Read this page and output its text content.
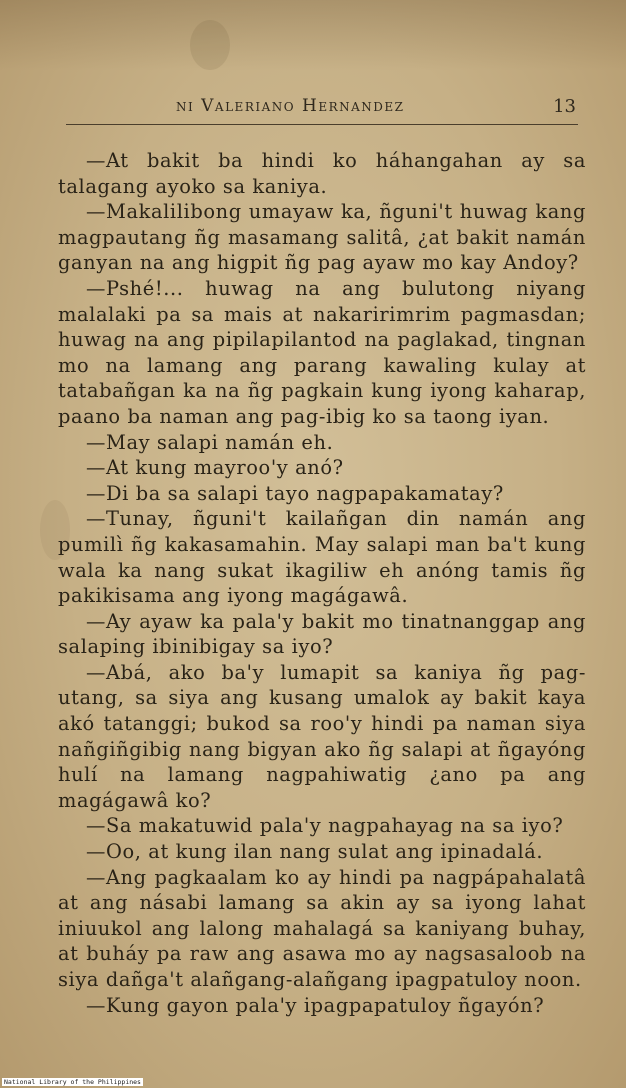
ni Valeriano Hernandez	13

—At bakit ba hindi ko háhangahan ay sa talagang ayoko sa kaniya.

—Makalilibong umayaw ka, ñguni't huwag kang magpautang ñg masamang salitâ, ¿at bakit namán ganyan na ang higpit ñg pag ayaw mo kay Andoy?

—Pshé!... huwag na ang bulutong niyang malalaki pa sa mais at nakaririmrim pagmasdan; huwag na ang pipilapilantod na paglakad, tingnan mo na lamang ang parang kawaling kulay at tatabañgan ka na ñg pagkain kung iyong kaharap, paano ba naman ang pag-ibig ko sa taong iyan.

—May salapi namán eh.

—At kung mayroo'y anó?

—Di ba sa salapi tayo nagpapakamatay?

—Tunay, ñguni't kailañgan din namán ang pumilì ñg kakasamahin. May salapi man ba't kung wala ka nang sukat ikagiliw eh anóng tamis ñg pakikisama ang iyong magágawâ.

—Ay ayaw ka pala'y bakit mo tinatnanggap ang salaping ibinibigay sa iyo?

—Abá, ako ba'y lumapit sa kaniya ñg pag-utang, sa siya ang kusang umalok ay bakit kaya akó tatanggi; bukod sa roo'y hindi pa naman siya nañgiñgibig nang bigyan ako ñg salapi at ñgayóng hulí na lamang nagpahiwatig ¿ano pa ang magágawâ ko?

—Sa makatuwid pala'y nagpahayag na sa iyo?

—Oo, at kung ilan nang sulat ang ipinadalá.

—Ang pagkaalam ko ay hindi pa nagpápahalatâ at ang násabi lamang sa akin ay sa iyong lahat iniuukol ang lalong mahalagá sa kaniyang buhay, at buháy pa raw ang asawa mo ay nagsasaloob na siya dañga't alañgang-alañgang ipagpatuloy noon.

—Kung gayon pala'y ipagpapatuloy ñgayón?

National Library of the Philippines
